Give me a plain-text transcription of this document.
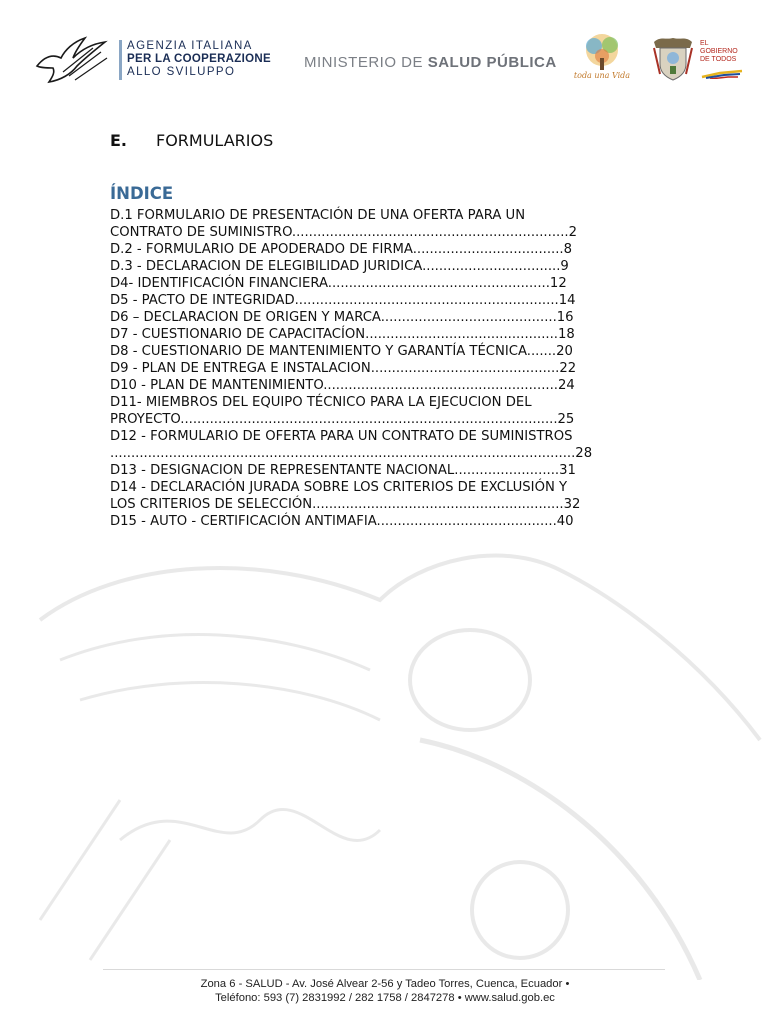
AGENZIA ITALIANA
PER LA COOPERAZIONE
ALLO SVILUPPO
MINISTERIO DE SALUD PÚBLICA
toda una Vida
EL
GOBIERNO
DE TODOS
E. FORMULARIOS
ÍNDICE
D.1 FORMULARIO DE PRESENTACIÓN DE UNA OFERTA PARA UN
CONTRATO DE SUMINISTRO..................................................................2
D.2 - FORMULARIO DE APODERADO DE FIRMA....................................8
D.3 - DECLARACION DE ELEGIBILIDAD JURIDICA.................................9
D4- IDENTIFICACIÓN FINANCIERA.....................................................12
D5 - PACTO DE INTEGRIDAD...............................................................14
D6 – DECLARACION DE ORIGEN Y MARCA..........................................16
D7 - CUESTIONARIO DE CAPACITACÍON..............................................18
D8 - CUESTIONARIO DE MANTENIMIENTO Y GARANTÍA TÉCNICA.......20
D9 - PLAN DE ENTREGA E INSTALACION.............................................22
D10 - PLAN DE MANTENIMIENTO........................................................24
D11- MIEMBROS DEL EQUIPO TÉCNICO PARA LA EJECUCION DEL
PROYECTO..........................................................................................25
D12 - FORMULARIO DE OFERTA PARA UN CONTRATO DE SUMINISTROS
...............................................................................................................28
D13 - DESIGNACION DE REPRESENTANTE NACIONAL.........................31
D14 - DECLARACIÓN JURADA SOBRE LOS CRITERIOS DE EXCLUSIÓN Y
LOS CRITERIOS DE SELECCIÓN............................................................32
D15 - AUTO - CERTIFICACIÓN ANTIMAFIA...........................................40
Zona 6 - SALUD - Av. José Alvear 2-56 y Tadeo Torres, Cuenca, Ecuador •
Teléfono: 593 (7) 2831992 / 282 1758 / 2847278 • www.salud.gob.ec
